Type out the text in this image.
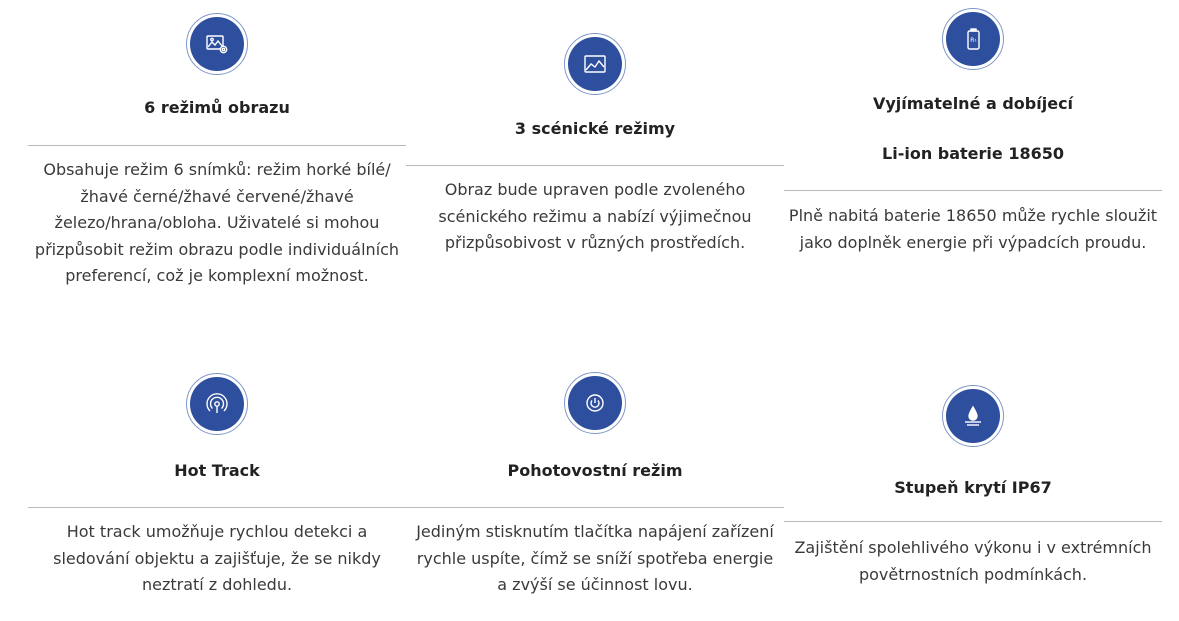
6 režimů obrazu
Obsahuje režim 6 snímků: režim horké bílé/žhavé černé/žhavé červené/žhavé železo/hrana/obloha. Uživatelé si mohou přizpůsobit režim obrazu podle individuálních preferencí, což je komplexní možnost.
3 scénické režimy
Obraz bude upraven podle zvoleného scénického režimu a nabízí výjimečnou přizpůsobivost v různých prostředích.
R›
Vyjímatelné a dobíjecí
Li-ion baterie 18650
Plně nabitá baterie 18650 může rychle sloužit jako doplněk energie při výpadcích proudu.
Hot Track
Hot track umožňuje rychlou detekci a sledování objektu a zajišťuje, že se nikdy neztratí z dohledu.
Pohotovostní režim
Jediným stisknutím tlačítka napájení zařízení rychle uspíte, čímž se sníží spotřeba energie a zvýší se účinnost lovu.
Stupeň krytí IP67
Zajištění spolehlivého výkonu i v extrémních povětrnostních podmínkách.
